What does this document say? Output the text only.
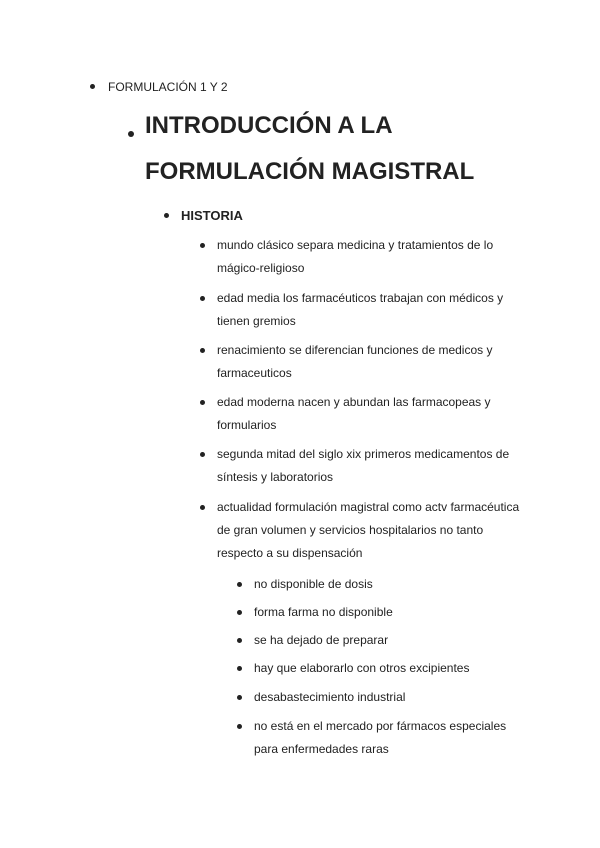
FORMULACIÓN 1 Y 2
INTRODUCCIÓN A LA
FORMULACIÓN MAGISTRAL
HISTORIA
mundo clásico separa medicina y tratamientos de lo
mágico-religioso
edad media los farmacéuticos trabajan con médicos y
tienen gremios
renacimiento se diferencian funciones de medicos y
farmaceuticos
edad moderna nacen y abundan las farmacopeas y
formularios
segunda mitad del siglo xix primeros medicamentos de
síntesis y laboratorios
actualidad formulación magistral como actv farmacéutica
de gran volumen y servicios hospitalarios no tanto
respecto a su dispensación
no disponible de dosis
forma farma no disponible
se ha dejado de preparar
hay que elaborarlo con otros excipientes
desabastecimiento industrial
no está en el mercado por fármacos especiales
para enfermedades raras
